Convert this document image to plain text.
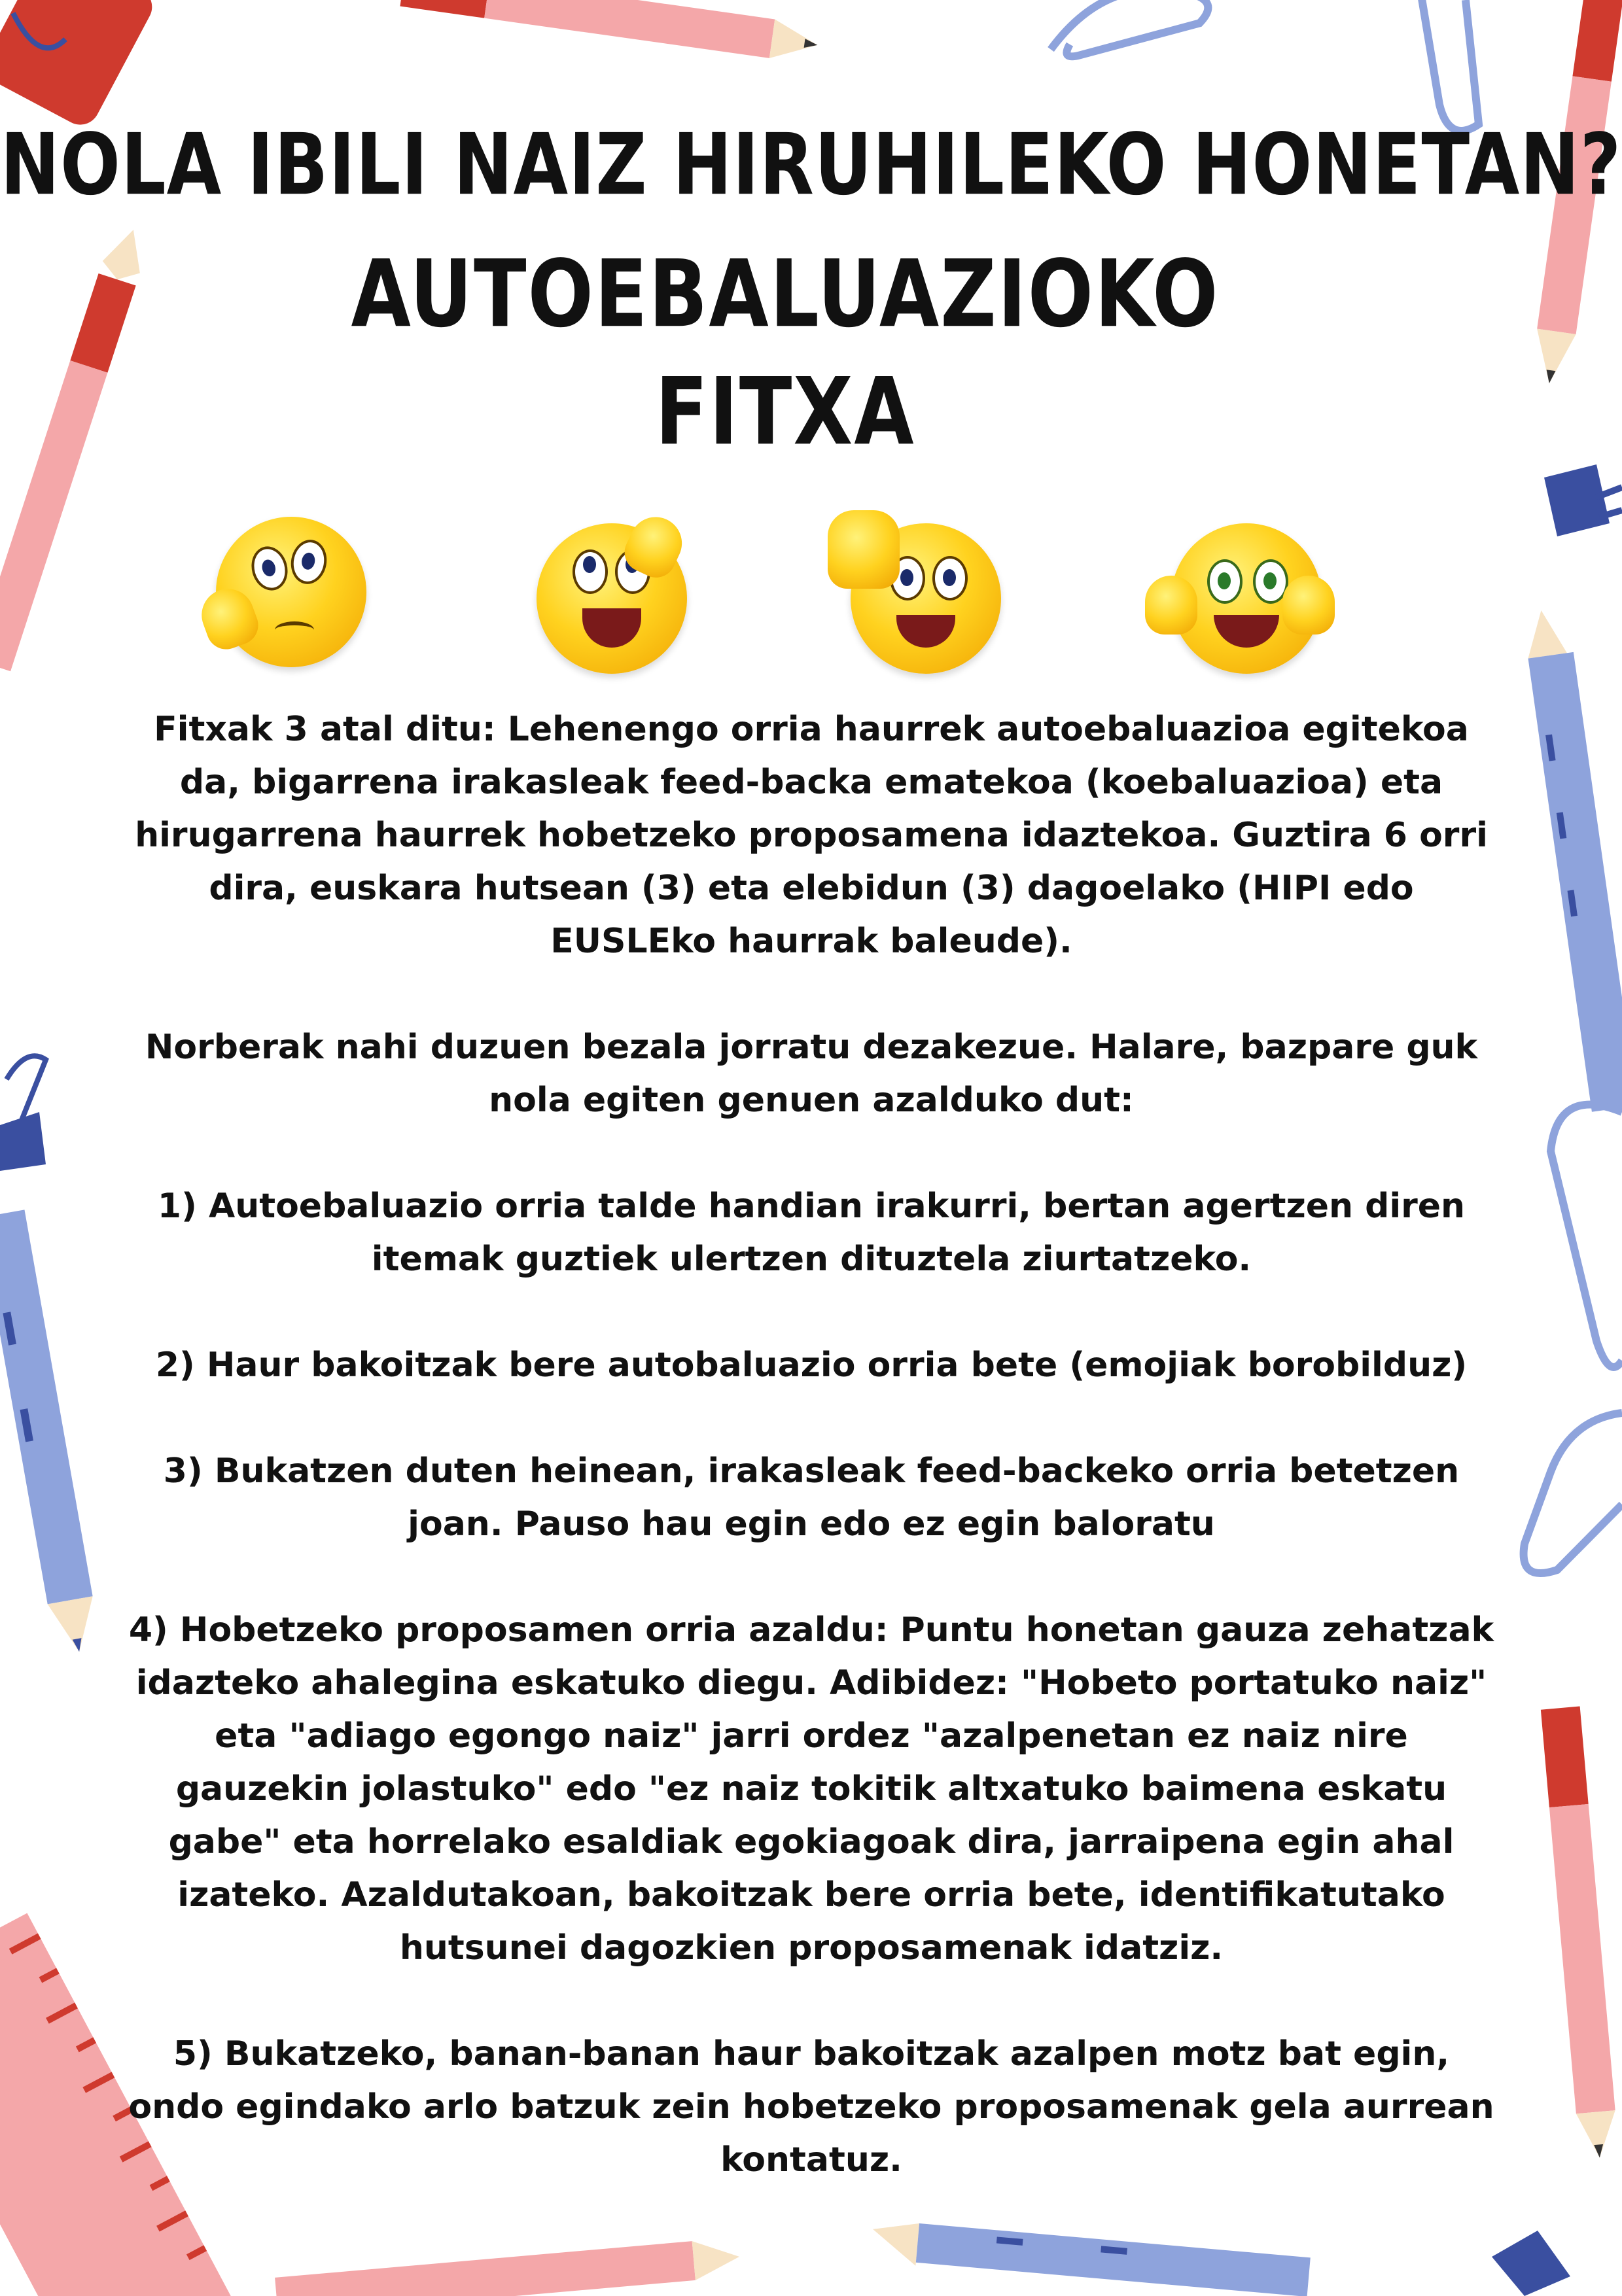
NOLA IBILI NAIZ HIRUHILEKO HONETAN?
AUTOEBALUAZIOKO
FITXA

Fitxak 3 atal ditu: Lehenengo orria haurrek autoebaluazioa egitekoa da, bigarrena irakasleak feed-backa ematekoa (koebaluazioa) eta hirugarrena haurrek hobetzeko proposamena idaztekoa. Guztira 6 orri dira, euskara hutsean (3) eta elebidun (3) dagoelako (HIPI edo EUSLEko haurrak baleude).

Norberak nahi duzuen bezala jorratu dezakezue. Halare, bazpare guk nola egiten genuen azalduko dut:

1) Autoebaluazio orria talde handian irakurri, bertan agertzen diren itemak guztiek ulertzen dituztela ziurtatzeko.

2) Haur bakoitzak bere autobaluazio orria bete (emojiak borobilduz)

3) Bukatzen duten heinean, irakasleak feed-backeko orria betetzen joan. Pauso hau egin edo ez egin baloratu

4) Hobetzeko proposamen orria azaldu: Puntu honetan gauza zehatzak idazteko ahalegina eskatuko diegu. Adibidez: "Hobeto portatuko naiz" eta "adiago egongo naiz" jarri ordez "azalpenetan ez naiz nire gauzekin jolastuko" edo "ez naiz tokitik altxatuko baimena eskatu gabe" eta horrelako esaldiak egokiagoak dira, jarraipena egin ahal izateko. Azaldutakoan, bakoitzak bere orria bete, identifikatutako hutsunei dagozkien proposamenak idatziz.

5) Bukatzeko, banan-banan haur bakoitzak azalpen motz bat egin, ondo egindako arlo batzuk zein hobetzeko proposamenak gela aurrean kontatuz.
